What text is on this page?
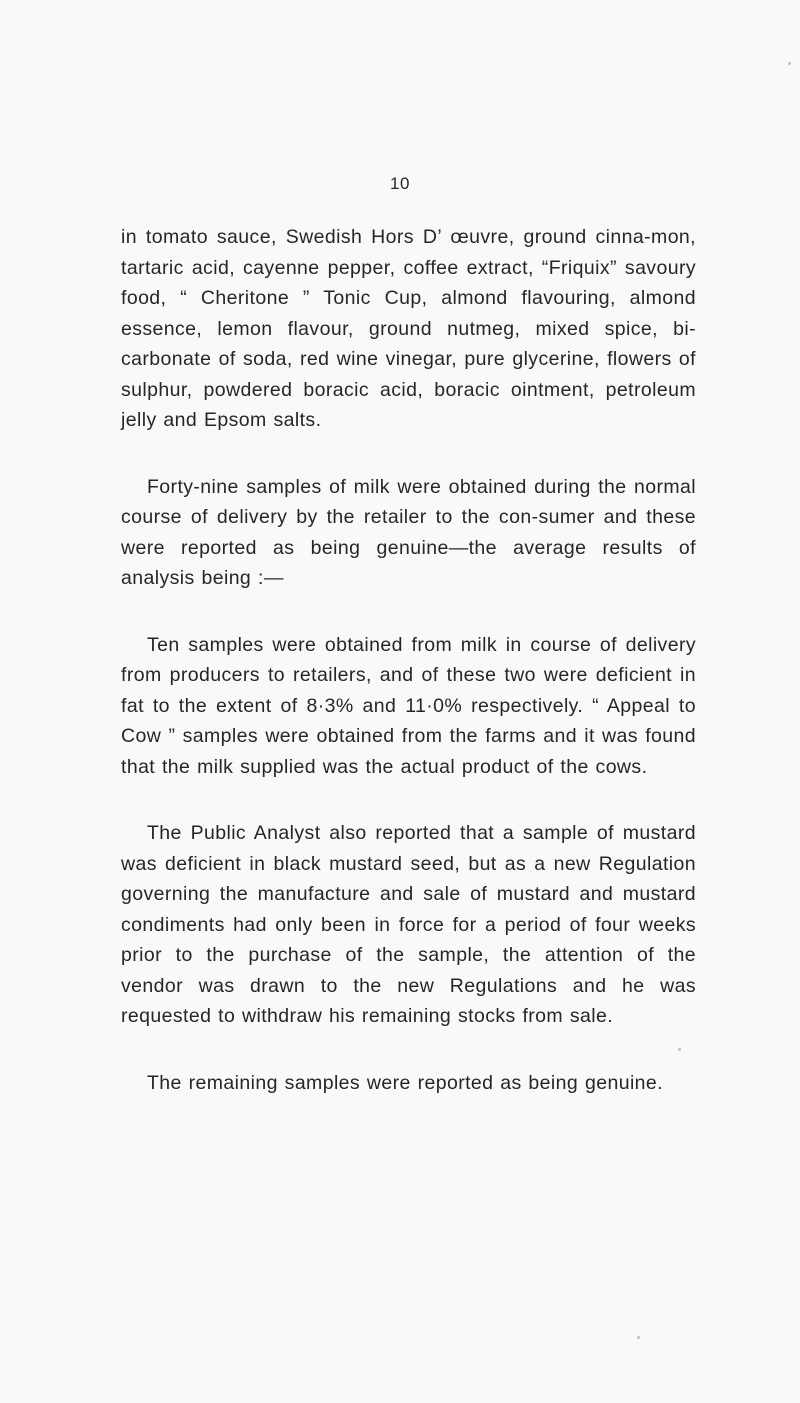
10

in tomato sauce, Swedish Hors D’ œuvre, ground cinna-mon, tartaric acid, cayenne pepper, coffee extract, “Friquix” savoury food, “ Cheritone ” Tonic Cup, almond flavouring, almond essence, lemon flavour, ground nutmeg, mixed spice, bi-carbonate of soda, red wine vinegar, pure glycerine, flowers of sulphur, powdered boracic acid, boracic ointment, petroleum jelly and Epsom salts.

Forty-nine samples of milk were obtained during the normal course of delivery by the retailer to the con-sumer and these were reported as being genuine—the average results of analysis being :—

Ten samples were obtained from milk in course of delivery from producers to retailers, and of these two were deficient in fat to the extent of 8·3% and 11·0% respectively. “ Appeal to Cow ” samples were obtained from the farms and it was found that the milk supplied was the actual product of the cows.

The Public Analyst also reported that a sample of mustard was deficient in black mustard seed, but as a new Regulation governing the manufacture and sale of mustard and mustard condiments had only been in force for a period of four weeks prior to the purchase of the sample, the attention of the vendor was drawn to the new Regulations and he was requested to withdraw his remaining stocks from sale.

The remaining samples were reported as being genuine.
